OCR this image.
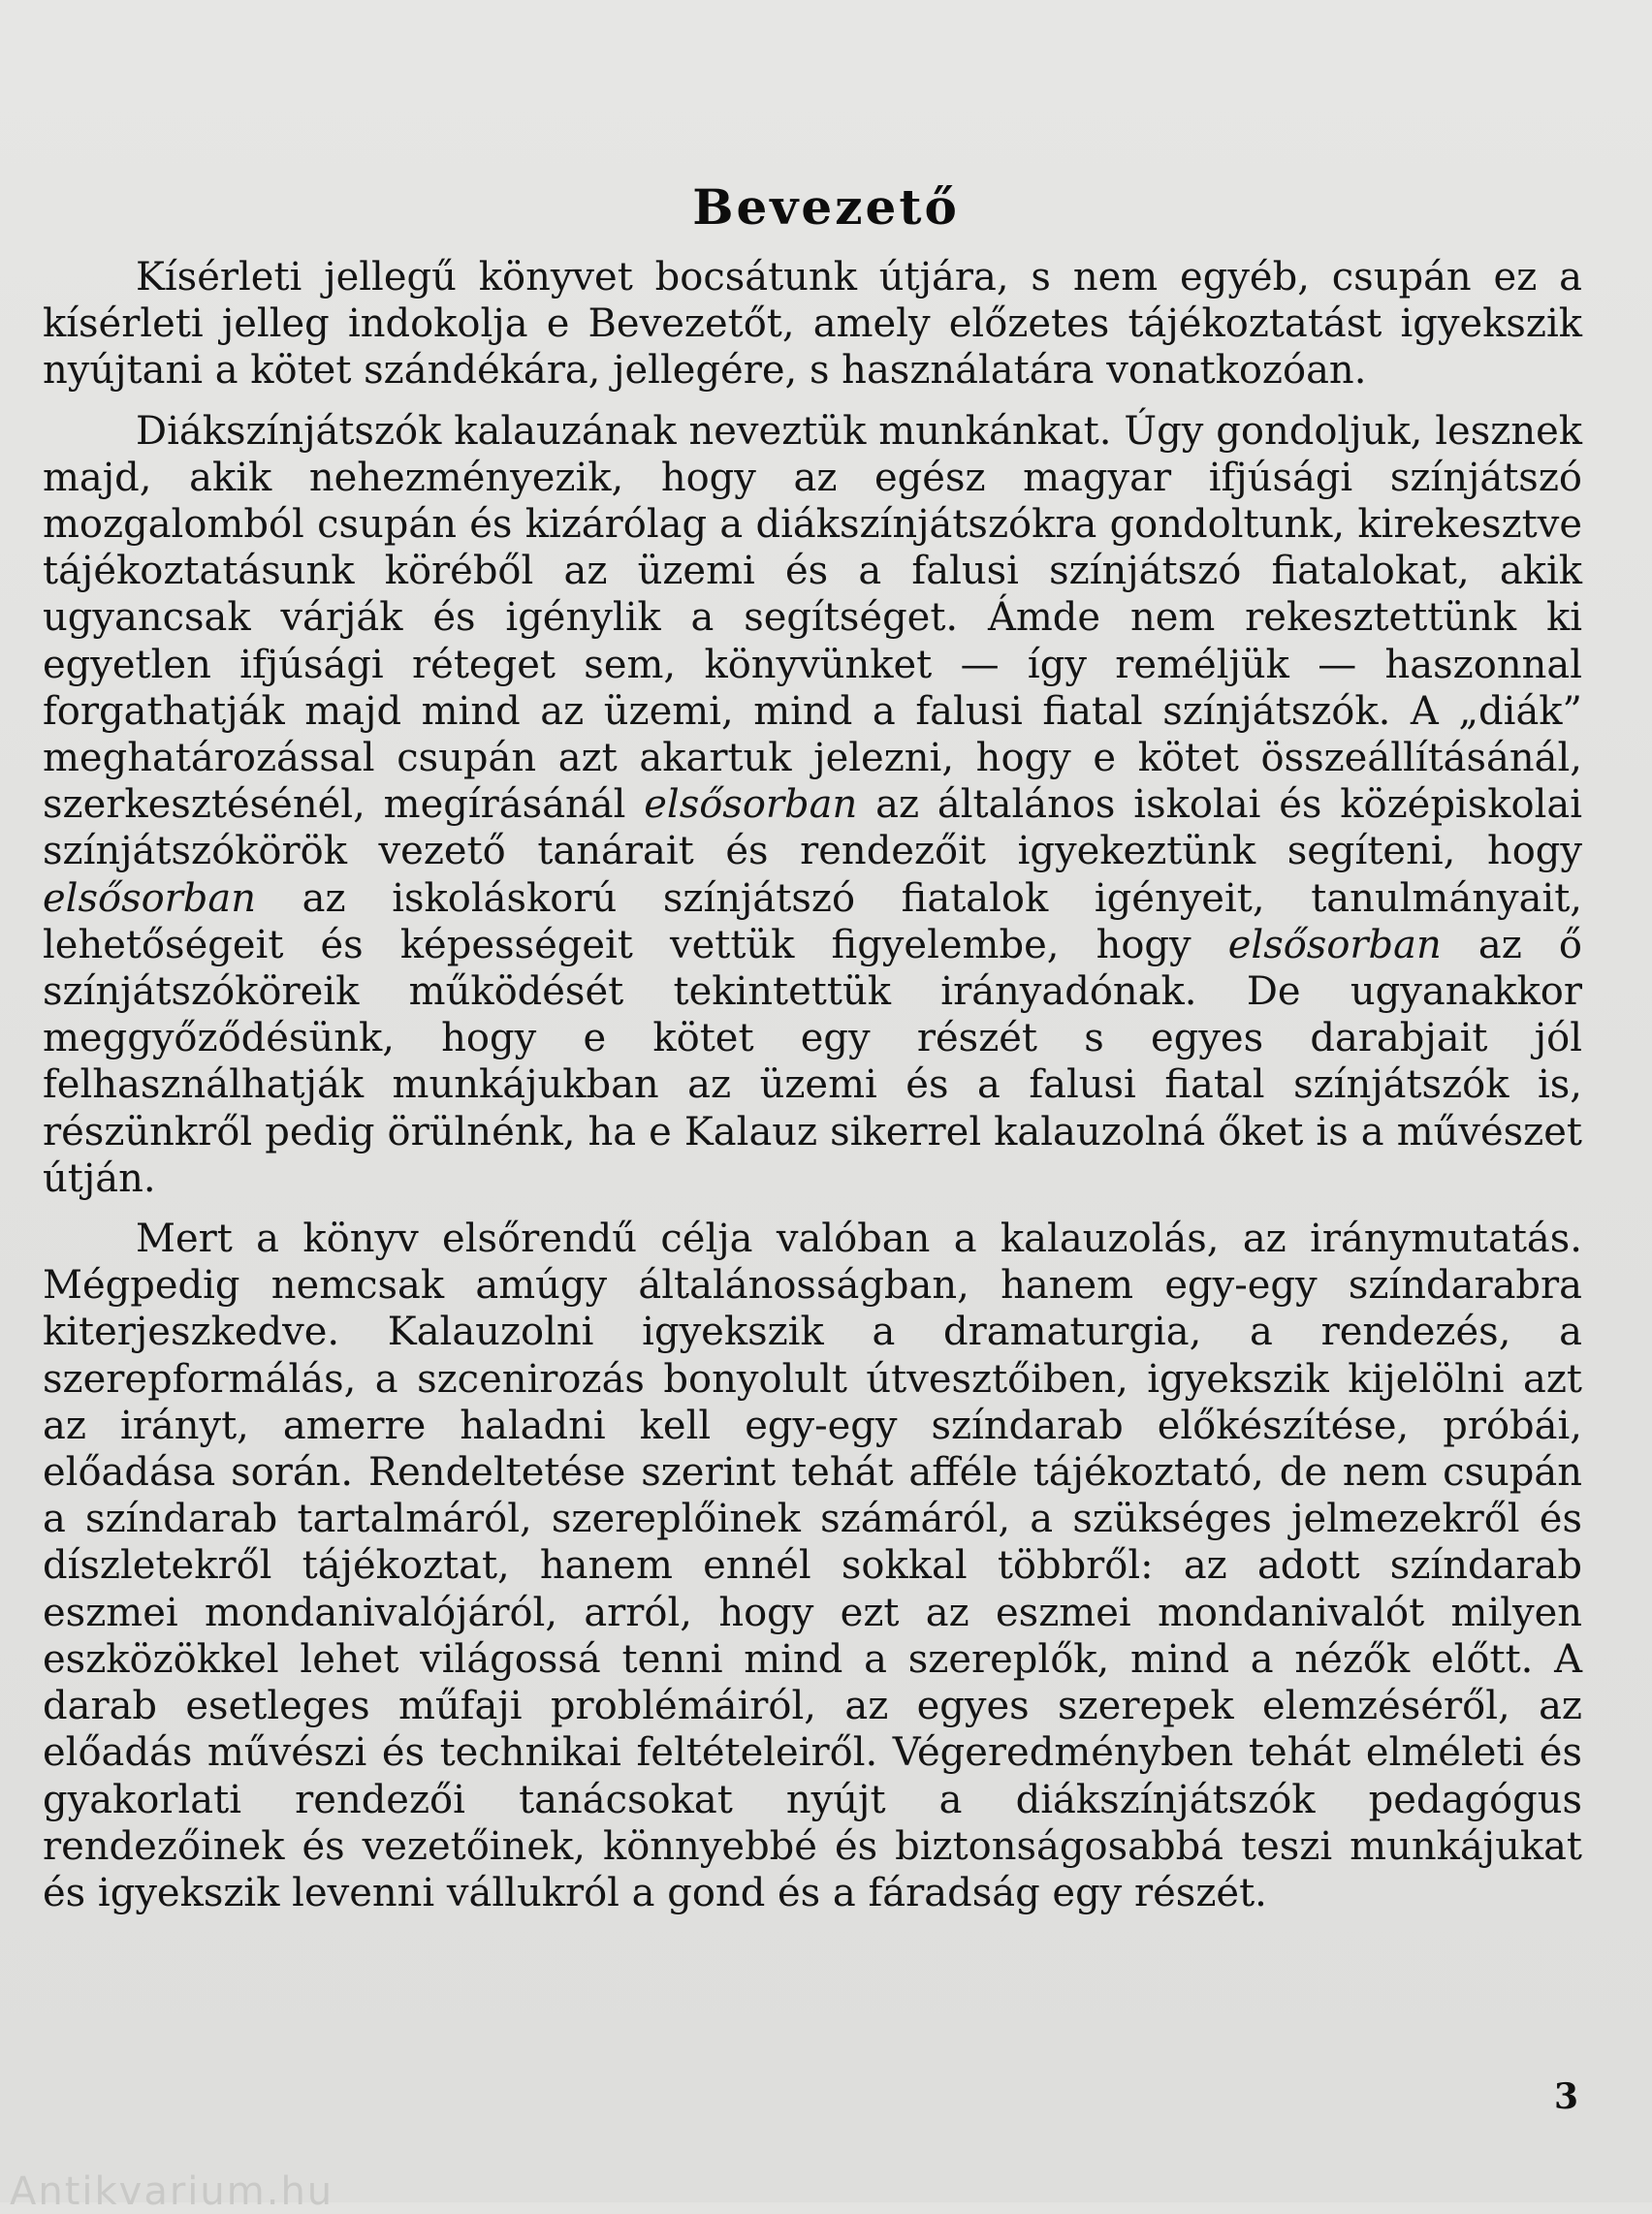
Bevezető

Kísérleti jellegű könyvet bocsátunk útjára, s nem egyéb, csupán ez a kísérleti jelleg indokolja e Bevezetőt, amely előzetes tájékoztatást igyekszik nyújtani a kötet szándékára, jellegére, s használatára vonatkozóan.

Diákszínjátszók kalauzának neveztük munkánkat. Úgy gondoljuk, lesznek majd, akik nehezményezik, hogy az egész magyar ifjúsági színjátszó mozgalomból csupán és kizárólag a diákszínjátszókra gondoltunk, kirekesztve tájékoztatásunk köréből az üzemi és a falusi színjátszó fiatalokat, akik ugyancsak várják és igénylik a segítséget. Ámde nem rekesztettünk ki egyetlen ifjúsági réteget sem, könyvünket — így reméljük — haszonnal forgathatják majd mind az üzemi, mind a falusi fiatal színjátszók. A „diák” meghatározással csupán azt akartuk jelezni, hogy e kötet összeállításánál, szerkesztésénél, megírásánál elsősorban az általános iskolai és középiskolai színjátszókörök vezető tanárait és rendezőit igyekeztünk segíteni, hogy elsősorban az iskoláskorú színjátszó fiatalok igényeit, tanulmányait, lehetőségeit és képességeit vettük figyelembe, hogy elsősorban az ő színjátszóköreik működését tekintettük irányadónak. De ugyanakkor meggyőződésünk, hogy e kötet egy részét s egyes darabjait jól felhasználhatják munkájukban az üzemi és a falusi fiatal színjátszók is, részünkről pedig örülnénk, ha e Kalauz sikerrel kalauzolná őket is a művészet útján.

Mert a könyv elsőrendű célja valóban a kalauzolás, az iránymutatás. Mégpedig nemcsak amúgy általánosságban, hanem egy-egy színdarabra kiterjeszkedve. Kalauzolni igyekszik a dramaturgia, a rendezés, a szerepformálás, a szcenirozás bonyolult útvesztőiben, igyekszik kijelölni azt az irányt, amerre haladni kell egy-egy színdarab előkészítése, próbái, előadása során. Rendeltetése szerint tehát afféle tájékoztató, de nem csupán a színdarab tartalmáról, szereplőinek számáról, a szükséges jelmezekről és díszletekről tájékoztat, hanem ennél sokkal többről: az adott színdarab eszmei mondanivalójáról, arról, hogy ezt az eszmei mondanivalót milyen eszközökkel lehet világossá tenni mind a szereplők, mind a nézők előtt. A darab esetleges műfaji problémáiról, az egyes szerepek elemzéséről, az előadás művészi és technikai feltételeiről. Végeredményben tehát elméleti és gyakorlati rendezői tanácsokat nyújt a diákszínjátszók pedagógus rendezőinek és vezetőinek, könnyebbé és biztonságosabbá teszi munkájukat és igyekszik levenni vállukról a gond és a fáradság egy részét.

3
Antikvarium.hu
